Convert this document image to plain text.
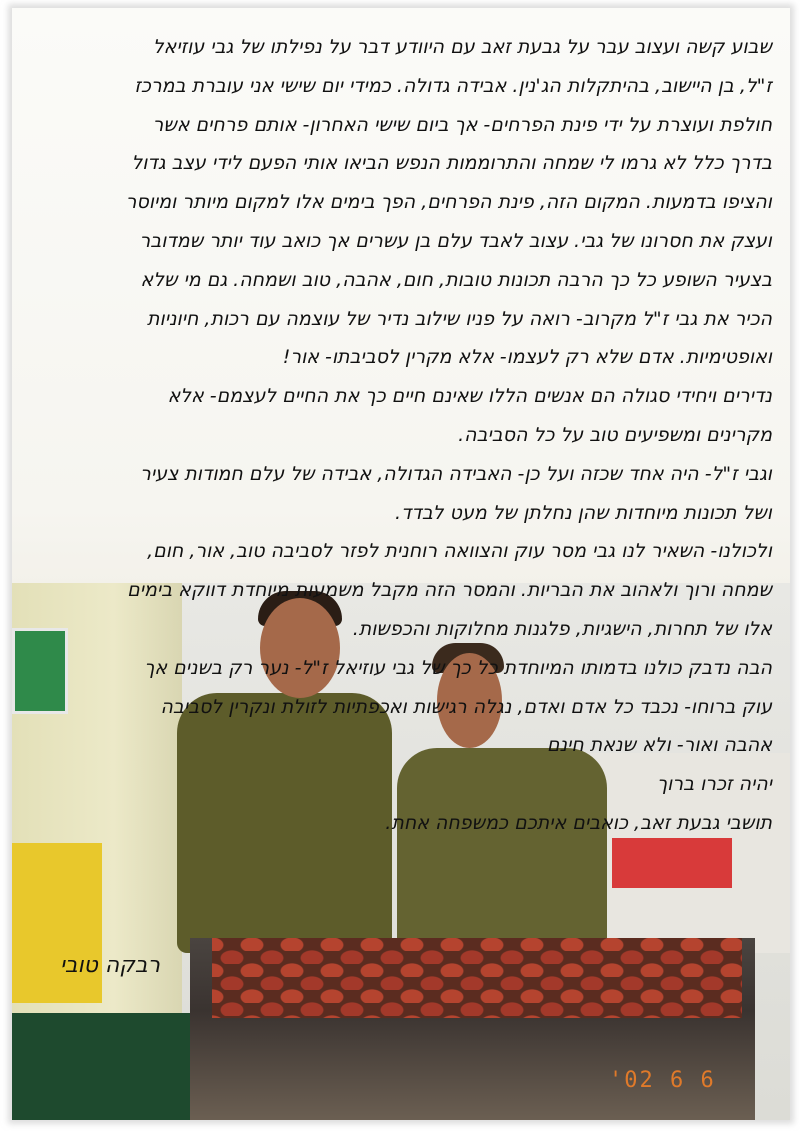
'02 6 6

שבוע קשה ועצוב עבר על גבעת זאב עם היוודע דבר על נפילתו של גבי עוזיאל

ז"ל, בן היישוב, בהיתקלות הג'נין. אבידה גדולה. כמידי יום שישי אני עוברת במרכז

חולפת ועוצרת על ידי פינת הפרחים- אך ביום שישי האחרון- אותם פרחים אשר

בדרך כלל לא גרמו לי שמחה והתרוממות הנפש הביאו אותי הפעם לידי עצב גדול

והציפו בדמעות. המקום הזה, פינת הפרחים, הפך בימים אלו למקום מיותר ומיוסר

ועצק את חסרונו של גבי. עצוב לאבד עלם בן עשרים אך כואב עוד יותר שמדובר

בצעיר השופע כל כך הרבה תכונות טובות, חום, אהבה, טוב ושמחה. גם מי שלא

הכיר את גבי ז"ל מקרוב- רואה על פניו שילוב נדיר של עוצמה עם רכות, חיוניות

ואופטימיות. אדם שלא רק לעצמו- אלא מקרין לסביבתו- אור!

נדירים ויחידי סגולה הם אנשים הללו שאינם חיים כך את החיים לעצמם- אלא

מקרינים ומשפיעים טוב על כל הסביבה.

וגבי ז"ל- היה אחד שכזה ועל כן- האבידה הגדולה, אבידה של עלם חמודות צעיר

ושל תכונות מיוחדות שהן נחלתן של מעט לבדד.

ולכולנו- השאיר לנו גבי מסר עוק והצוואה רוחנית לפזר לסביבה טוב, אור, חום,

שמחה ורוך ולאהוב את הבריות. והמסר הזה מקבל משמעות מיוחדת דווקא בימים

אלו של תחרות, הישגיות, פלגנות מחלוקות והכפשות.

הבה נדבק כולנו בדמותו המיוחדת כל כך של גבי עוזיאל ז"ל- נער רק בשנים אך

עוק ברוחו- נכבד כל אדם ואדם, נגלה רגישות ואכפתיות לזולת ונקרין לסביבה

אהבה ואור- ולא שנאת חינם

יהיה זכרו ברוך

תושבי גבעת זאב, כואבים איתכם כמשפחה אחת.

רבקה טובי
